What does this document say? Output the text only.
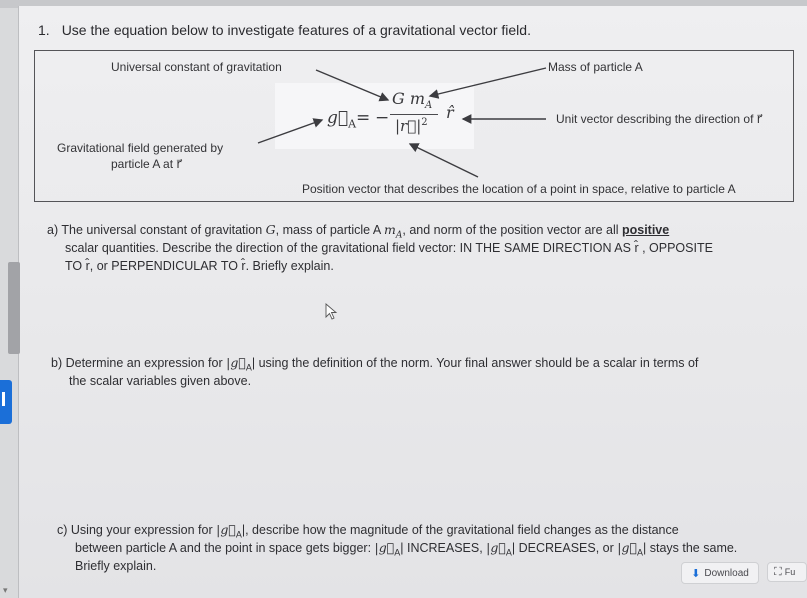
1. Use the equation below to investigate features of a gravitational vector field.
Universal constant of gravitation	Mass of particle A
Unit vector describing the direction of r⃗
Gravitational field generated by
particle A at r⃗
Position vector that describes the location of a point in space, relative to particle A
$g⃗_A$ = −
G $m_A$
$|r⃗|^2$
r̂
a) The universal constant of gravitation G, mass of particle A $m_A$, and norm of the position vector are all positive
scalar quantities. Describe the direction of the gravitational field vector: IN THE SAME DIRECTION AS r̂ , OPPOSITE
TO r̂, or PERPENDICULAR TO r̂. Briefly explain.
b) Determine an expression for $|g⃗_A|$ using the definition of the norm. Your final answer should be a scalar in terms of
the scalar variables given above.
c) Using your expression for $|g⃗_A|$, describe how the magnitude of the gravitational field changes as the distance
between particle A and the point in space gets bigger: $|g⃗_A|$ INCREASES, $|g⃗_A|$ DECREASES, or $|g⃗_A|$ stays the same.
Briefly explain.
⬇ Download ⛶ Fu
▾
